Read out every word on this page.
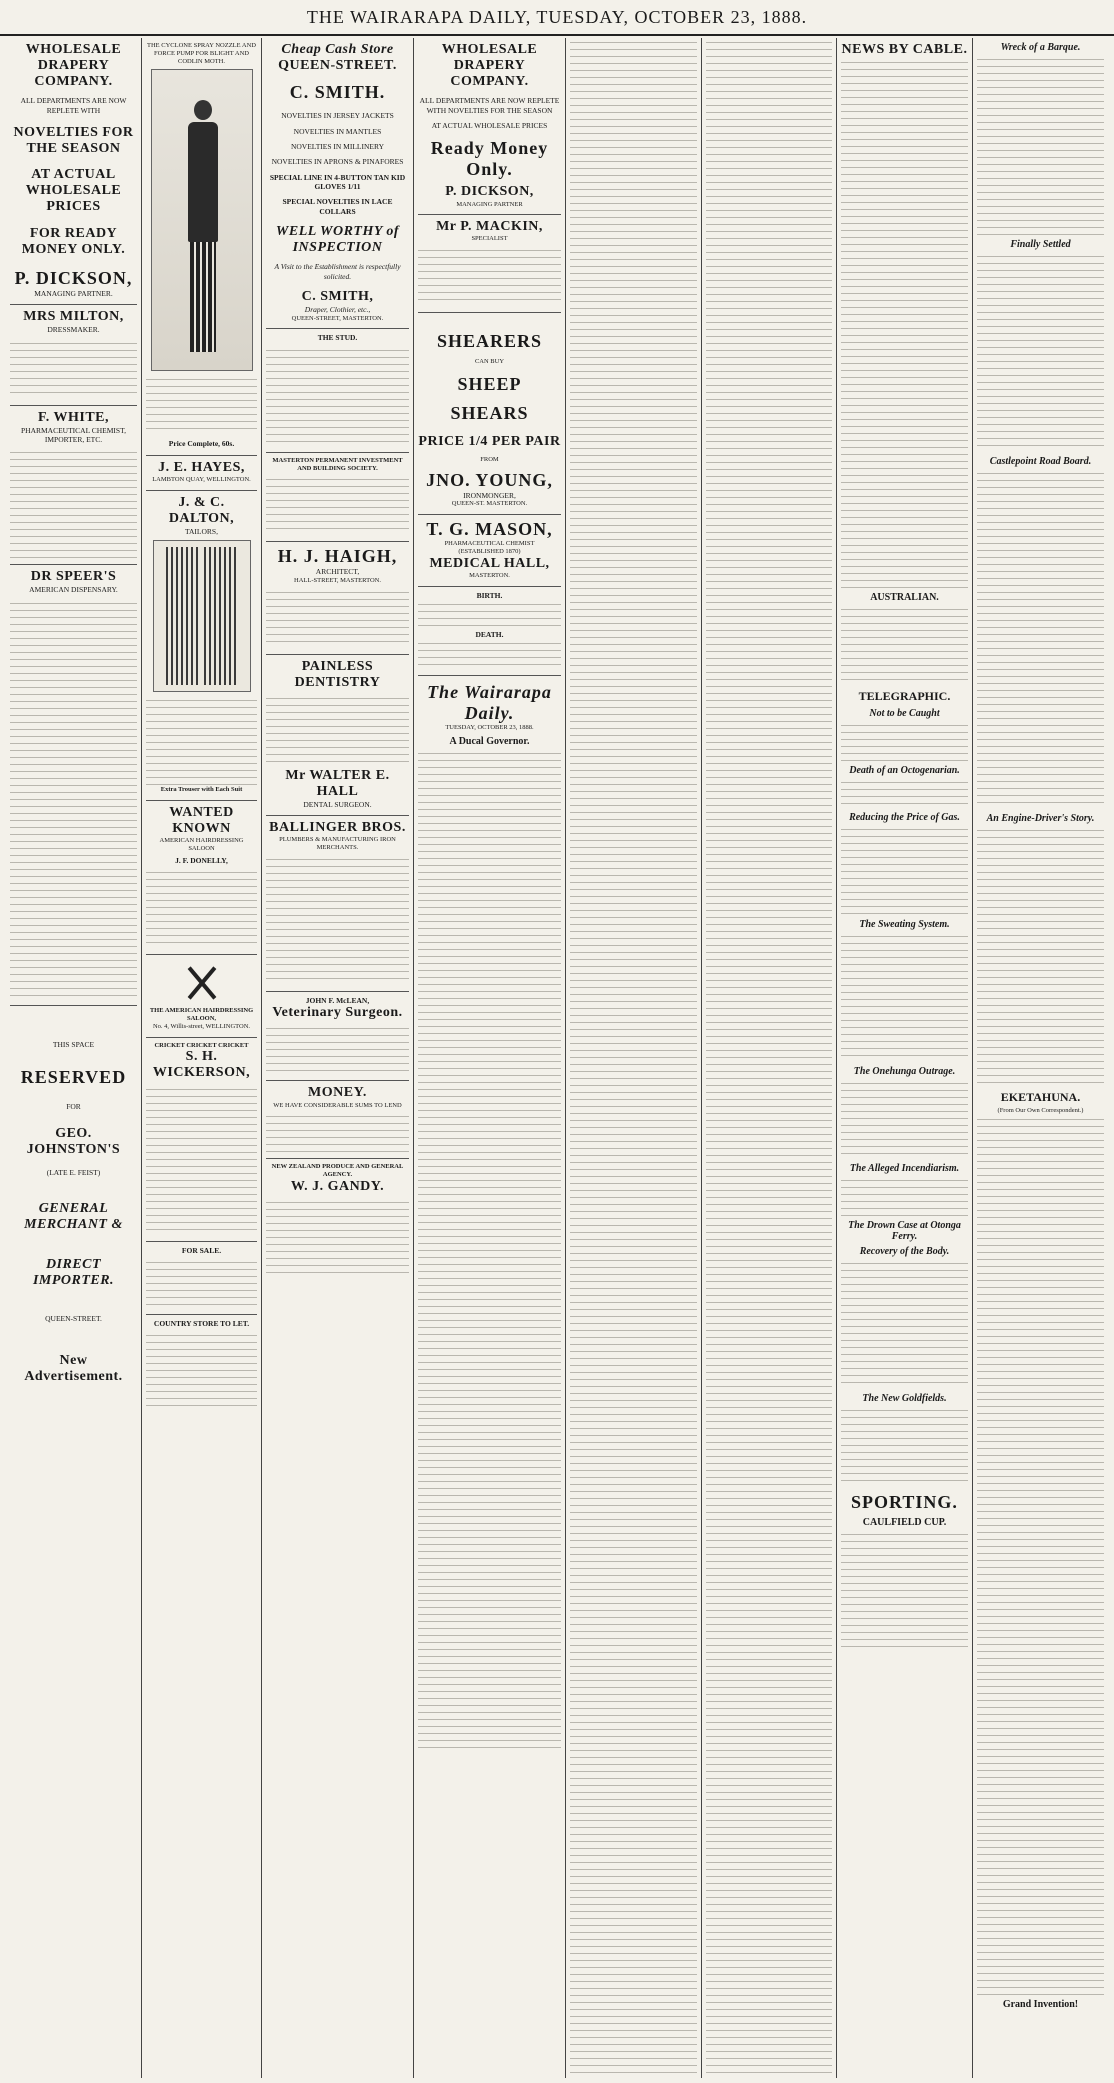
THE WAIRARAPA DAILY, TUESDAY, OCTOBER 23, 1888.
WHOLESALE DRAPERY COMPANY.
ALL DEPARTMENTS ARE NOW REPLETE WITH
NOVELTIES FOR THE SEASON
AT ACTUAL WHOLESALE PRICES
FOR READY MONEY ONLY.
P. DICKSON,
MANAGING PARTNER.
MRS MILTON,
DRESSMAKER.
F. WHITE,
PHARMACEUTICAL CHEMIST, IMPORTER, ETC.
DR SPEER'S
AMERICAN DISPENSARY.
THIS SPACE
RESERVED
FOR
GEO. JOHNSTON'S
(LATE E. FEIST)
GENERAL MERCHANT &
DIRECT IMPORTER.
QUEEN-STREET.
New Advertisement.
THE CYCLONE SPRAY NOZZLE AND FORCE PUMP FOR BLIGHT AND CODLIN MOTH.
Price Complete, 60s.
J. E. HAYES,
LAMBTON QUAY, WELLINGTON.
J. & C. DALTON,
TAILORS,
Extra Trouser with Each Suit
WANTED KNOWN
AMERICAN HAIRDRESSING SALOON
J. F. DONELLY,
THE AMERICAN HAIRDRESSING SALOON,
No. 4, Willis-street, WELLINGTON.
CRICKET CRICKET CRICKET
S. H. WICKERSON,
FOR SALE.
COUNTRY STORE TO LET.
Cheap Cash Store
QUEEN-STREET.
C. SMITH.
NOVELTIES IN JERSEY JACKETS
NOVELTIES IN MANTLES
NOVELTIES IN MILLINERY
NOVELTIES IN APRONS & PINAFORES
SPECIAL LINE IN 4-BUTTON TAN KID GLOVES 1/11
SPECIAL NOVELTIES IN LACE COLLARS
WELL WORTHY of INSPECTION
A Visit to the Establishment is respectfully solicited.
C. SMITH,
Draper, Clothier, etc.,
QUEEN-STREET, MASTERTON.
THE STUD.
MASTERTON PERMANENT INVESTMENT AND BUILDING SOCIETY.
H. J. HAIGH,
ARCHITECT,
HALL-STREET, MASTERTON.
PAINLESS DENTISTRY
Mr WALTER E. HALL
DENTAL SURGEON.
BALLINGER BROS.
PLUMBERS & MANUFACTURING IRON MERCHANTS.
JOHN F. McLEAN,
Veterinary Surgeon.
MONEY.
WE HAVE CONSIDERABLE SUMS TO LEND
NEW ZEALAND PRODUCE AND GENERAL AGENCY.
W. J. GANDY.
WHOLESALE DRAPERY COMPANY.
ALL DEPARTMENTS ARE NOW REPLETE WITH NOVELTIES FOR THE SEASON
AT ACTUAL WHOLESALE PRICES
Ready Money Only.
P. DICKSON,
MANAGING PARTNER
Mr P. MACKIN,
SPECIALIST
SHEARERS
CAN BUY
SHEEP
SHEARS
PRICE 1/4 PER PAIR
FROM
JNO. YOUNG,
IRONMONGER,
QUEEN-ST. MASTERTON.
T. G. MASON,
PHARMACEUTICAL CHEMIST
(ESTABLISHED 1870)
MEDICAL HALL,
MASTERTON.
BIRTH.
DEATH.
The Wairarapa Daily.
TUESDAY, OCTOBER 23, 1888.
A Ducal Governor.
NEWS BY CABLE.
AUSTRALIAN.
TELEGRAPHIC.
Not to be Caught
Death of an Octogenarian.
Reducing the Price of Gas.
The Sweating System.
The Onehunga Outrage.
The Alleged Incendiarism.
The Drown Case at Otonga Ferry.
Recovery of the Body.
The New Goldfields.
SPORTING.
CAULFIELD CUP.
Wreck of a Barque.
Finally Settled
Castlepoint Road Board.
An Engine-Driver's Story.
EKETAHUNA.
(From Our Own Correspondent.)
Grand Invention!
